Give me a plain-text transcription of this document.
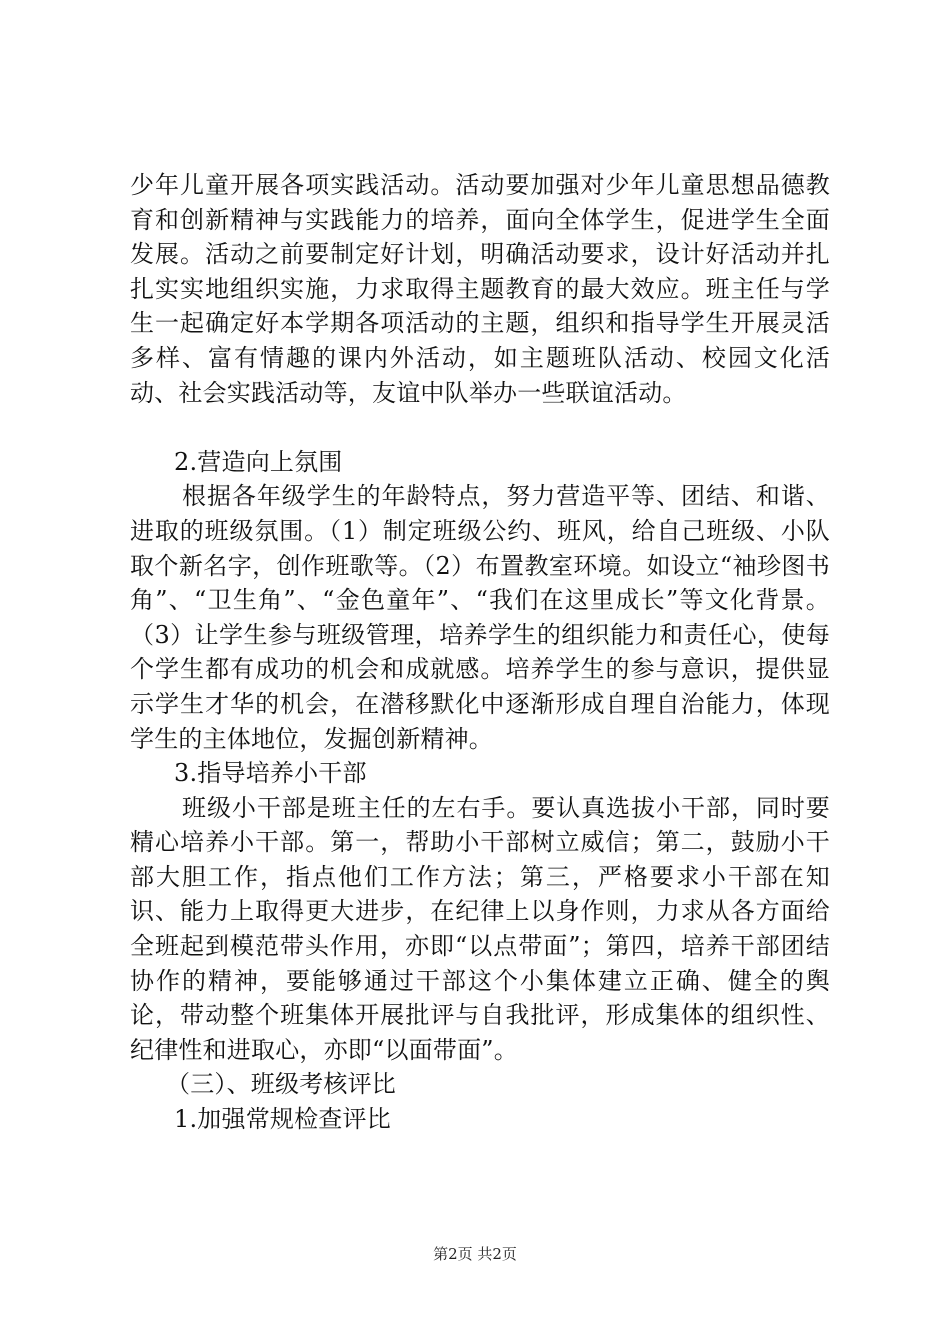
少年儿童开展各项实践活动。活动要加强对少年儿童思想品德教育和创新精神与实践能力的培养，面向全体学生，促进学生全面发展。活动之前要制定好计划，明确活动要求，设计好活动并扎扎实实地组织实施，力求取得主题教育的最大效应。班主任与学生一起确定好本学期各项活动的主题，组织和指导学生开展灵活多样、富有情趣的课内外活动，如主题班队活动、校园文化活动、社会实践活动等，友谊中队举办一些联谊活动。

2.营造向上氛围

根据各年级学生的年龄特点，努力营造平等、团结、和谐、进取的班级氛围。（1）制定班级公约、班风，给自己班级、小队取个新名字，创作班歌等。（2）布置教室环境。如设立“袖珍图书角”、“卫生角”、“金色童年”、“我们在这里成长”等文化背景。（3）让学生参与班级管理，培养学生的组织能力和责任心，使每个学生都有成功的机会和成就感。培养学生的参与意识，提供显示学生才华的机会，在潜移默化中逐渐形成自理自治能力，体现学生的主体地位，发掘创新精神。

3.指导培养小干部

班级小干部是班主任的左右手。要认真选拔小干部，同时要精心培养小干部。第一，帮助小干部树立威信；第二，鼓励小干部大胆工作，指点他们工作方法；第三，严格要求小干部在知识、能力上取得更大进步，在纪律上以身作则，力求从各方面给全班起到模范带头作用，亦即“以点带面”；第四，培养干部团结协作的精神，要能够通过干部这个小集体建立正确、健全的舆论，带动整个班集体开展批评与自我批评，形成集体的组织性、纪律性和进取心，亦即“以面带面”。

（三）、班级考核评比

1.加强常规检查评比

第2页 共2页
